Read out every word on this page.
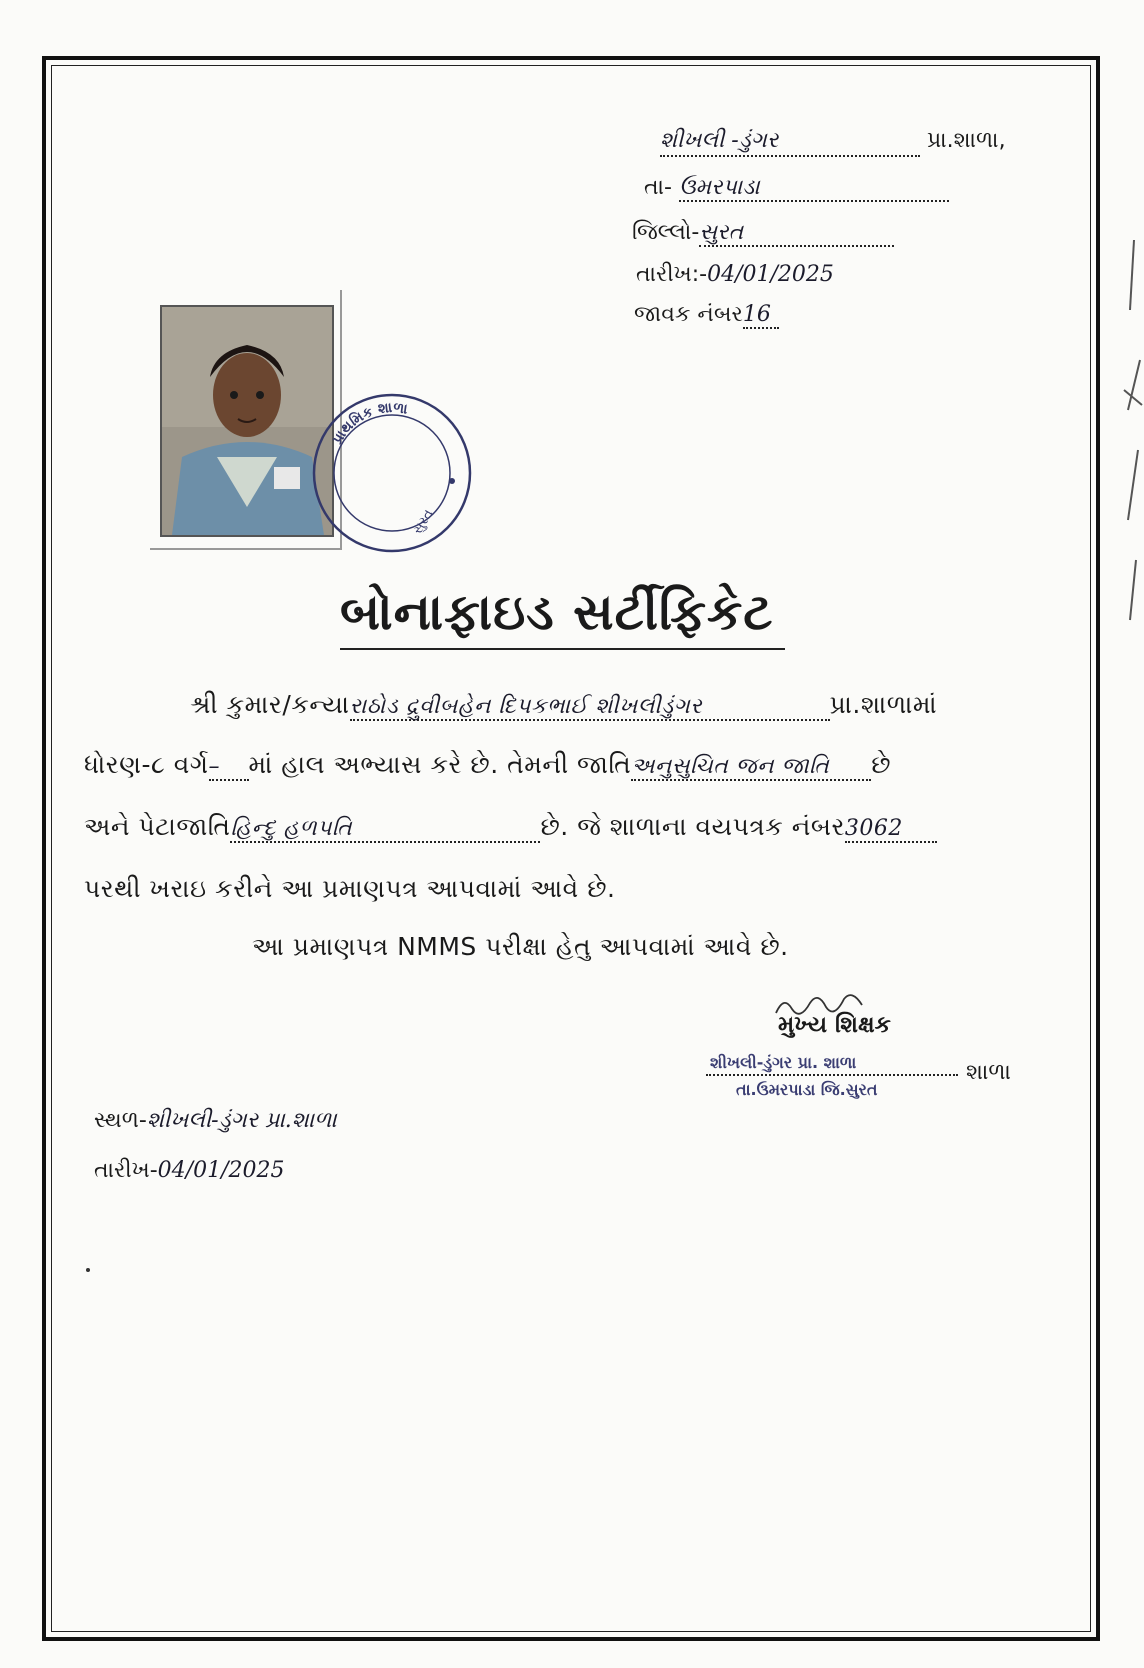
શીખલી -ડુંગર	પ્રા.શાળા,
તા- ઉમરપાડા
જિલ્લો-સુરત
તારીખ:-04/01/2025
જાવક નંબર16
પ્રાથમિક શાળા
સુરત
બોનાફાઇડ સર્ટીફિકેટ
શ્રી કુમાર/કન્યારાઠોડ દ્રુવીબહેન દિપકભાઈ શીખલીડુંગર	પ્રા.શાળામાં
ધોરણ-૮ વર્ગ– માં હાલ અભ્યાસ કરે છે. તેમની જાતિઅનુસુચિત જન જાતિ છે
અને પેટાજાતિહિન્દુ હળપતિ	છે. જે શાળાના વયપત્રક નંબર3062
પરથી ખરાઇ કરીને આ પ્રમાણપત્ર આપવામાં આવે છે.
આ પ્રમાણપત્ર NMMS પરીક્ષા હેતુ આપવામાં આવે છે.
મુખ્ય શિક્ષક
શીખલી-ડુંગર પ્રા. શાળા	શાળા
તા.ઉમરપાડા જિ.સુરત
સ્થળ-શીખલી-ડુંગર પ્રા.શાળા
તારીખ-04/01/2025
